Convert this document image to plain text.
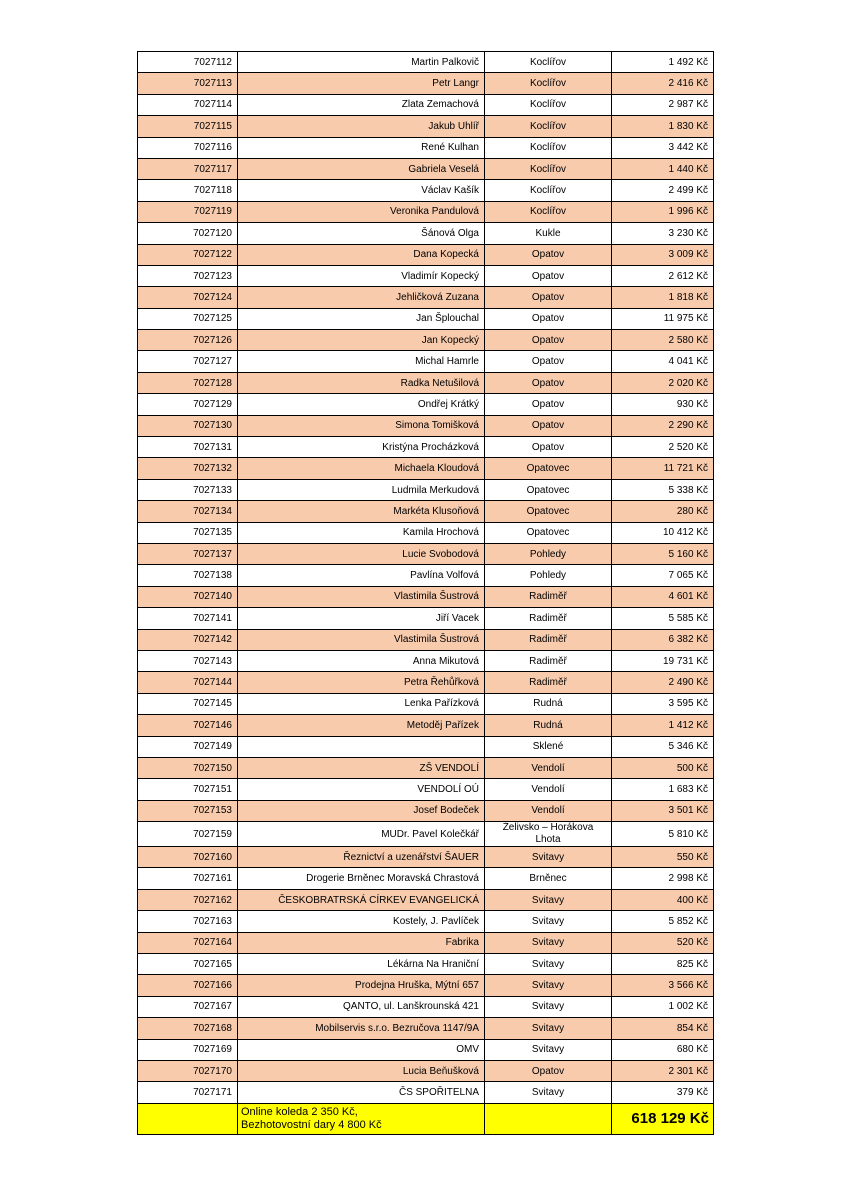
7027112	Martin Palkovič	Koclířov	1 492 Kč
7027113	Petr Langr	Koclířov	2 416 Kč
7027114	Zlata Zemachová	Koclířov	2 987 Kč
7027115	Jakub Uhlíř	Koclířov	1 830 Kč
7027116	René Kulhan	Koclířov	3 442 Kč
7027117	Gabriela Veselá	Koclířov	1 440 Kč
7027118	Václav Kašík	Koclířov	2 499 Kč
7027119	Veronika Pandulová	Koclířov	1 996 Kč
7027120	Šánová Olga	Kukle	3 230 Kč
7027122	Dana Kopecká	Opatov	3 009 Kč
7027123	Vladimír Kopecký	Opatov	2 612 Kč
7027124	Jehličková Zuzana	Opatov	1 818 Kč
7027125	Jan Šplouchal	Opatov	11 975 Kč
7027126	Jan Kopecký	Opatov	2 580 Kč
7027127	Michal Hamrle	Opatov	4 041 Kč
7027128	Radka Netušilová	Opatov	2 020 Kč
7027129	Ondřej Krátký	Opatov	930 Kč
7027130	Simona Tomišková	Opatov	2 290 Kč
7027131	Kristýna Procházková	Opatov	2 520 Kč
7027132	Michaela Kloudová	Opatovec	11 721 Kč
7027133	Ludmila Merkudová	Opatovec	5 338 Kč
7027134	Markéta Klusoňová	Opatovec	280 Kč
7027135	Kamila Hrochová	Opatovec	10 412 Kč
7027137	Lucie Svobodová	Pohledy	5 160 Kč
7027138	Pavlína Volfová	Pohledy	7 065 Kč
7027140	Vlastimila Šustrová	Radiměř	4 601 Kč
7027141	Jiří Vacek	Radiměř	5 585 Kč
7027142	Vlastimila Šustrová	Radiměř	6 382 Kč
7027143	Anna Mikutová	Radiměř	19 731 Kč
7027144	Petra Řehůřková	Radiměř	2 490 Kč
7027145	Lenka Pařízková	Rudná	3 595 Kč
7027146	Metoděj Pařízek	Rudná	1 412 Kč
7027149		Sklené	5 346 Kč
7027150	ZŠ VENDOLÍ	Vendolí	500 Kč
7027151	VENDOLÍ OÚ	Vendolí	1 683 Kč
7027153	Josef Bodeček	Vendolí	3 501 Kč
7027159	MUDr. Pavel Kolečkář	Želivsko – Horákova Lhota	5 810 Kč
7027160	Řeznictví a uzenářství ŠAUER	Svitavy	550 Kč
7027161	Drogerie Brněnec Moravská Chrastová	Brněnec	2 998 Kč
7027162	ČESKOBRATRSKÁ CÍRKEV EVANGELICKÁ	Svitavy	400 Kč
7027163	Kostely, J. Pavlíček	Svitavy	5 852 Kč
7027164	Fabrika	Svitavy	520 Kč
7027165	Lékárna Na Hraniční	Svitavy	825 Kč
7027166	Prodejna Hruška, Mýtní 657	Svitavy	3 566 Kč
7027167	QANTO, ul. Lanškrounská 421	Svitavy	1 002 Kč
7027168	Mobilservis s.r.o. Bezručova 1147/9A	Svitavy	854 Kč
7027169	OMV	Svitavy	680 Kč
7027170	Lucia Beňušková	Opatov	2 301 Kč
7027171	ČS SPOŘITELNA	Svitavy	379 Kč
	Online koleda 2 350 Kč,
Bezhotovostní dary 4 800 Kč		618 129 Kč
